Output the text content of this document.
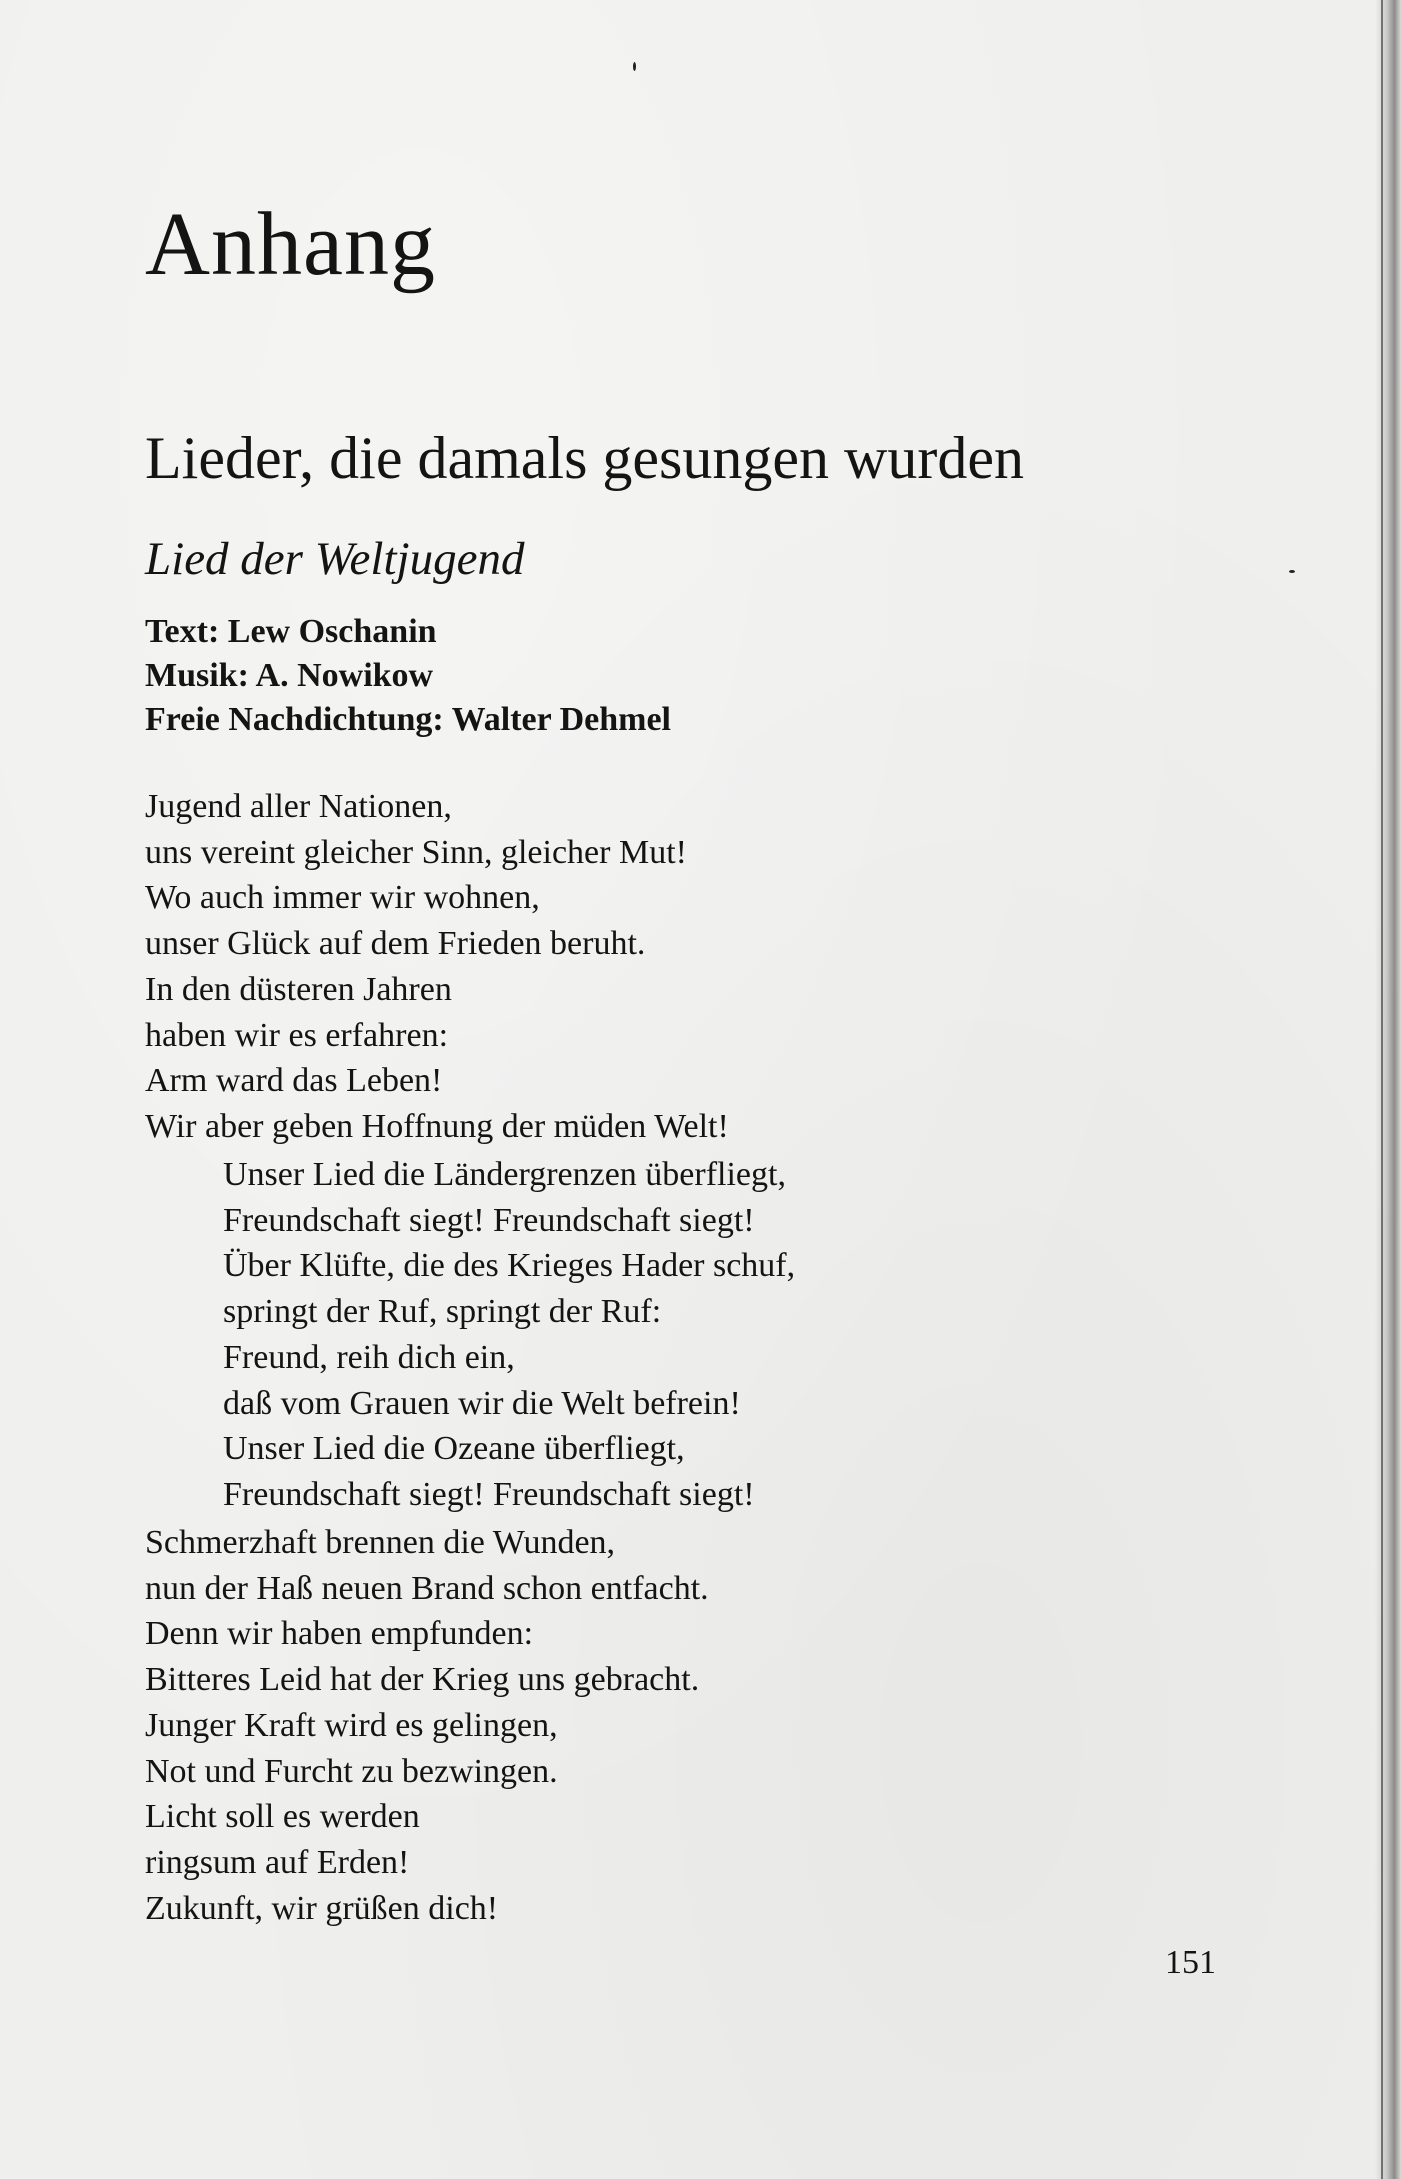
Anhang
Lieder, die damals gesungen wurden
Lied der Weltjugend
Text: Lew Oschanin
Musik: A. Nowikow
Freie Nachdichtung: Walter Dehmel
Jugend aller Nationen,
uns vereint gleicher Sinn, gleicher Mut!
Wo auch immer wir wohnen,
unser Glück auf dem Frieden beruht.
In den düsteren Jahren
haben wir es erfahren:
Arm ward das Leben!
Wir aber geben Hoffnung der müden Welt!
Unser Lied die Ländergrenzen überfliegt,
Freundschaft siegt! Freundschaft siegt!
Über Klüfte, die des Krieges Hader schuf,
springt der Ruf, springt der Ruf:
Freund, reih dich ein,
daß vom Grauen wir die Welt befrein!
Unser Lied die Ozeane überfliegt,
Freundschaft siegt! Freundschaft siegt!
Schmerzhaft brennen die Wunden,
nun der Haß neuen Brand schon entfacht.
Denn wir haben empfunden:
Bitteres Leid hat der Krieg uns gebracht.
Junger Kraft wird es gelingen,
Not und Furcht zu bezwingen.
Licht soll es werden
ringsum auf Erden!
Zukunft, wir grüßen dich!
151
